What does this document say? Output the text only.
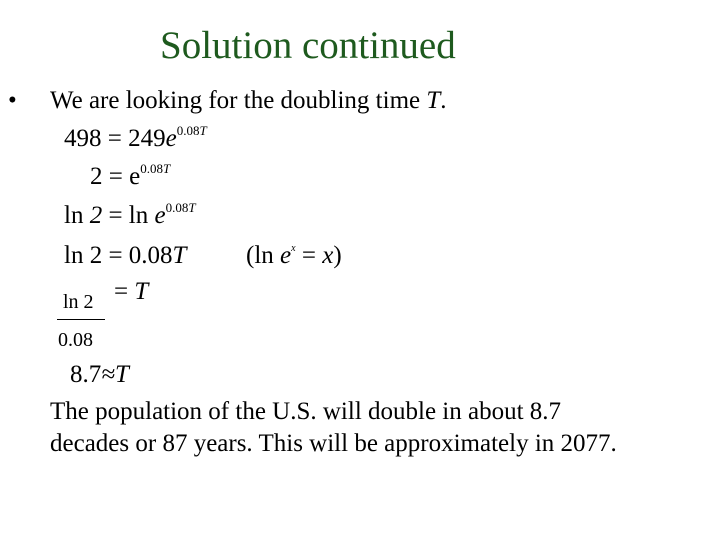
Solution continued
• We are looking for the doubling time T.
$498 = 249e^{0.08T}$
$2 = e^{0.08T}$
$\ln 2 = \ln e^{0.08T}$
ln 2 = 0.08T (ln $e^x = x$)
ln 2
0.08
= T
8.7≈T
The population of the U.S. will double in about 8.7
decades or 87 years. This will be approximately in 2077.
